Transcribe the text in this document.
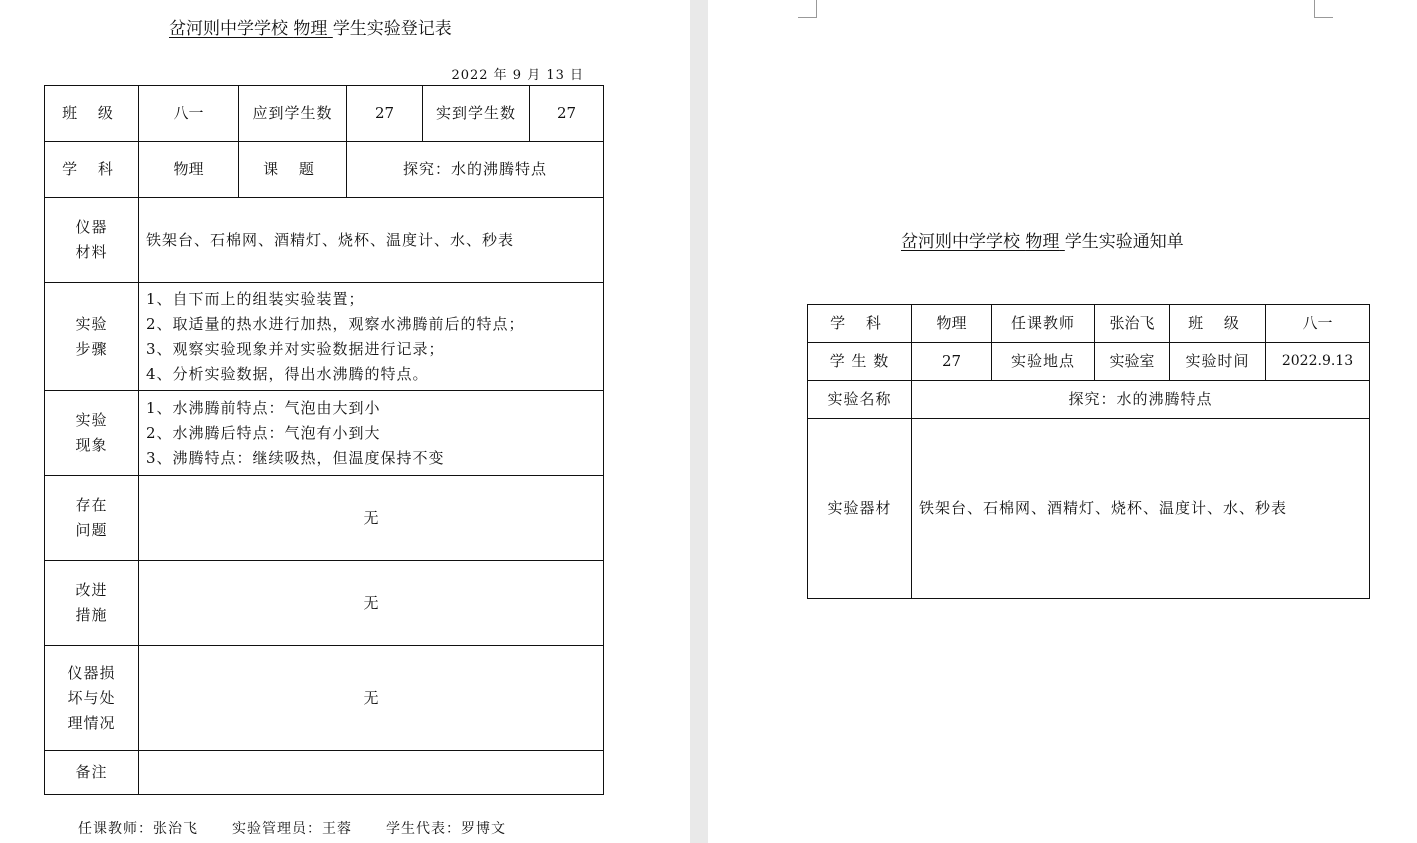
岔河则中学学校 物理 学生实验登记表
2022 年 9 月 13 日
班 级	八一	应到学生数	27	实到学生数	27
学 科	物理	课 题	探究：水的沸腾特点		
仪器
材料	铁架台、石棉网、酒精灯、烧杯、温度计、水、秒表				
实验
步骤	1、自下而上的组装实验装置；
2、取适量的热水进行加热，观察水沸腾前后的特点；
3、观察实验现象并对实验数据进行记录；
4、分析实验数据，得出水沸腾的特点。				

实验
现象	1、水沸腾前特点：气泡由大到小
2、水沸腾后特点：气泡有小到大
3、沸腾特点：继续吸热，但温度保持不变				

存在
问题	无				
改进
措施	无				
仪器损
坏与处
理情况	无				
备注					
任课教师：张治飞 实验管理员：王蓉 学生代表：罗博文
岔河则中学学校 物理 学生实验通知单
学 科	物理	任课教师	张治飞	班 级	八一
学 生 数	27	实验地点	实验室	实验时间	2022.9.13
实验名称	探究：水的沸腾特点				
实验器材	铁架台、石棉网、酒精灯、烧杯、温度计、水、秒表				
